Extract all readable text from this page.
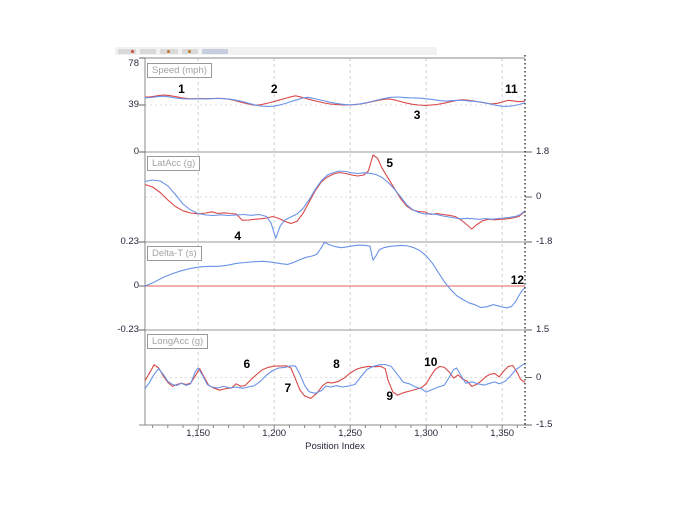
Speed (mph)
LatAcc (g)
Delta-T (s)
LongAcc (g)
Position Index
78
39
0	1.8
0
-1.8
0.23
0
-0.23	1.5
0
-1.5
1,150	1,200	1,250	1,300	1,350
1	2
3
11
4
5
12
6
7
8
9
10
